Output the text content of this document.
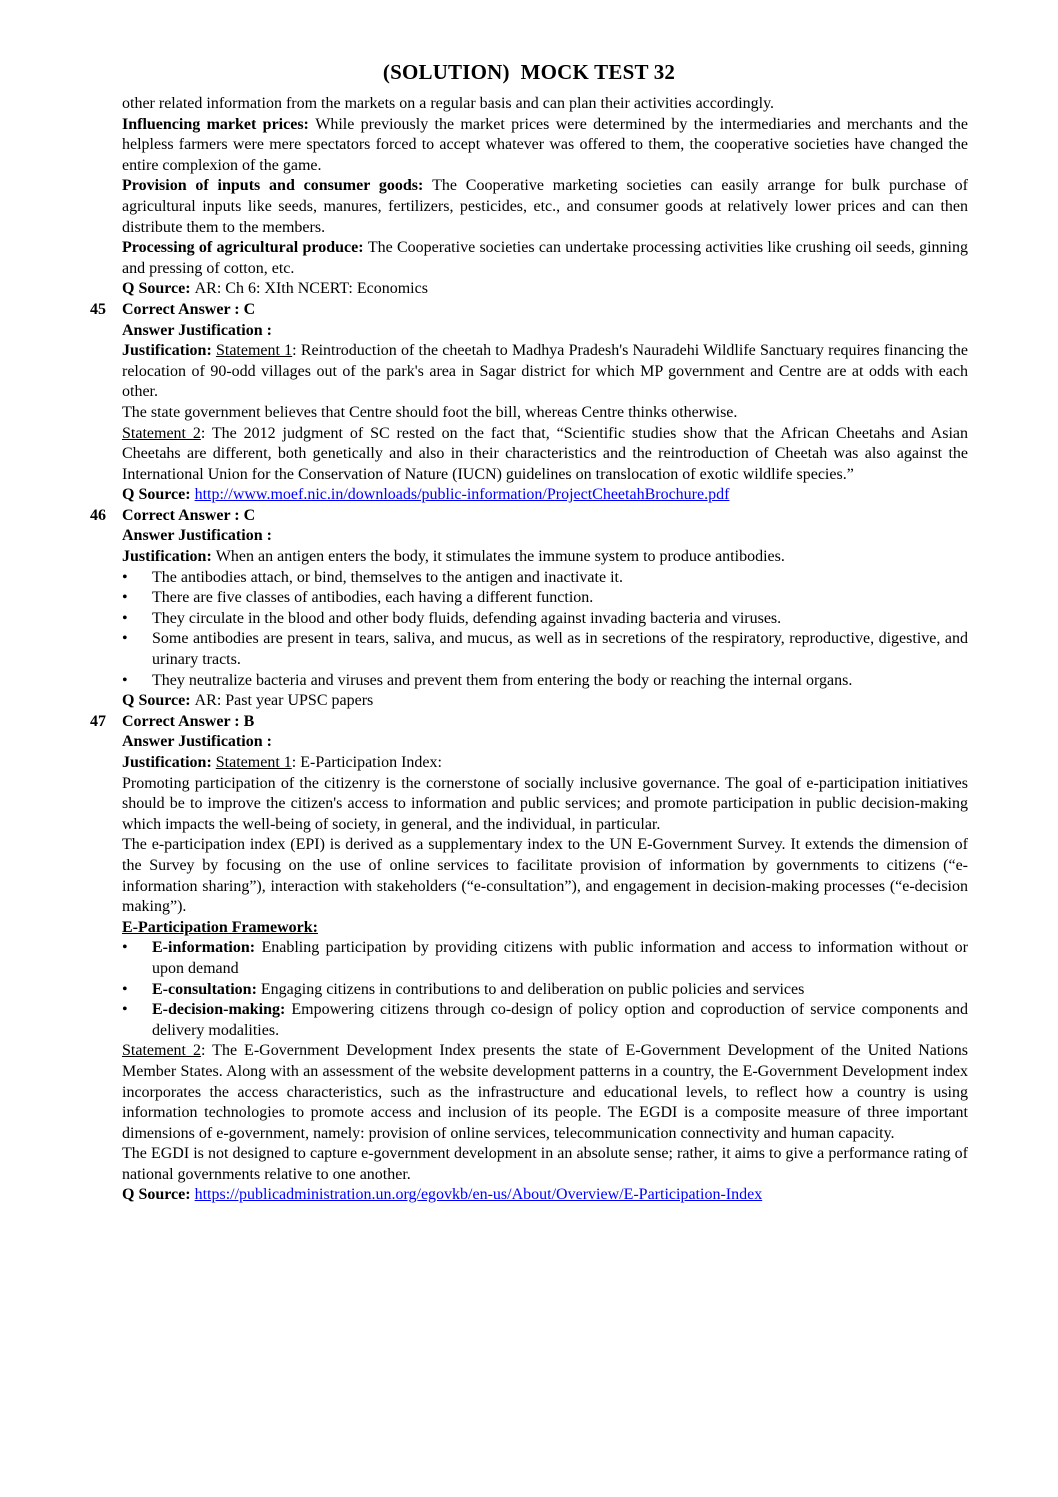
(SOLUTION)  MOCK TEST 32
other related information from the markets on a regular basis and can plan their activities accordingly.
Influencing market prices: While previously the market prices were determined by the intermediaries and merchants and the helpless farmers were mere spectators forced to accept whatever was offered to them, the cooperative societies have changed the entire complexion of the game.
Provision of inputs and consumer goods: The Cooperative marketing societies can easily arrange for bulk purchase of agricultural inputs like seeds, manures, fertilizers, pesticides, etc., and consumer goods at relatively lower prices and can then distribute them to the members.
Processing of agricultural produce: The Cooperative societies can undertake processing activities like crushing oil seeds, ginning and pressing of cotton, etc.
Q Source: AR: Ch 6: XIth NCERT: Economics
45	Correct Answer : C
Answer Justification :
Justification: Statement 1: Reintroduction of the cheetah to Madhya Pradesh's Nauradehi Wildlife Sanctuary requires financing the relocation of 90-odd villages out of the park's area in Sagar district for which MP government and Centre are at odds with each other.
The state government believes that Centre should foot the bill, whereas Centre thinks otherwise.
Statement 2: The 2012 judgment of SC rested on the fact that, “Scientific studies show that the African Cheetahs and Asian Cheetahs are different, both genetically and also in their characteristics and the reintroduction of Cheetah was also against the International Union for the Conservation of Nature (IUCN) guidelines on translocation of exotic wildlife species.”
Q Source: http://www.moef.nic.in/downloads/public-information/ProjectCheetahBrochure.pdf
46	Correct Answer : C
Answer Justification :
Justification: When an antigen enters the body, it stimulates the immune system to produce antibodies.
•	The antibodies attach, or bind, themselves to the antigen and inactivate it.
•	There are five classes of antibodies, each having a different function.
•	They circulate in the blood and other body fluids, defending against invading bacteria and viruses.
•	Some antibodies are present in tears, saliva, and mucus, as well as in secretions of the respiratory, reproductive, digestive, and urinary tracts.
•	They neutralize bacteria and viruses and prevent them from entering the body or reaching the internal organs.
Q Source: AR: Past year UPSC papers
47	Correct Answer : B
Answer Justification :
Justification: Statement 1: E-Participation Index:
Promoting participation of the citizenry is the cornerstone of socially inclusive governance. The goal of e-participation initiatives should be to improve the citizen's access to information and public services; and promote participation in public decision-making which impacts the well-being of society, in general, and the individual, in particular.
The e-participation index (EPI) is derived as a supplementary index to the UN E-Government Survey. It extends the dimension of the Survey by focusing on the use of online services to facilitate provision of information by governments to citizens (“e-information sharing”), interaction with stakeholders (“e-consultation”), and engagement in decision-making processes (“e-decision making”).
E-Participation Framework:
•	E-information: Enabling participation by providing citizens with public information and access to information without or upon demand
•	E-consultation: Engaging citizens in contributions to and deliberation on public policies and services
•	E-decision-making: Empowering citizens through co-design of policy option and coproduction of service components and delivery modalities.
Statement 2: The E-Government Development Index presents the state of E-Government Development of the United Nations Member States. Along with an assessment of the website development patterns in a country, the E-Government Development index incorporates the access characteristics, such as the infrastructure and educational levels, to reflect how a country is using information technologies to promote access and inclusion of its people. The EGDI is a composite measure of three important dimensions of e-government, namely: provision of online services, telecommunication connectivity and human capacity.
The EGDI is not designed to capture e-government development in an absolute sense; rather, it aims to give a performance rating of national governments relative to one another.
Q Source: https://publicadministration.un.org/egovkb/en-us/About/Overview/E-Participation-Index
